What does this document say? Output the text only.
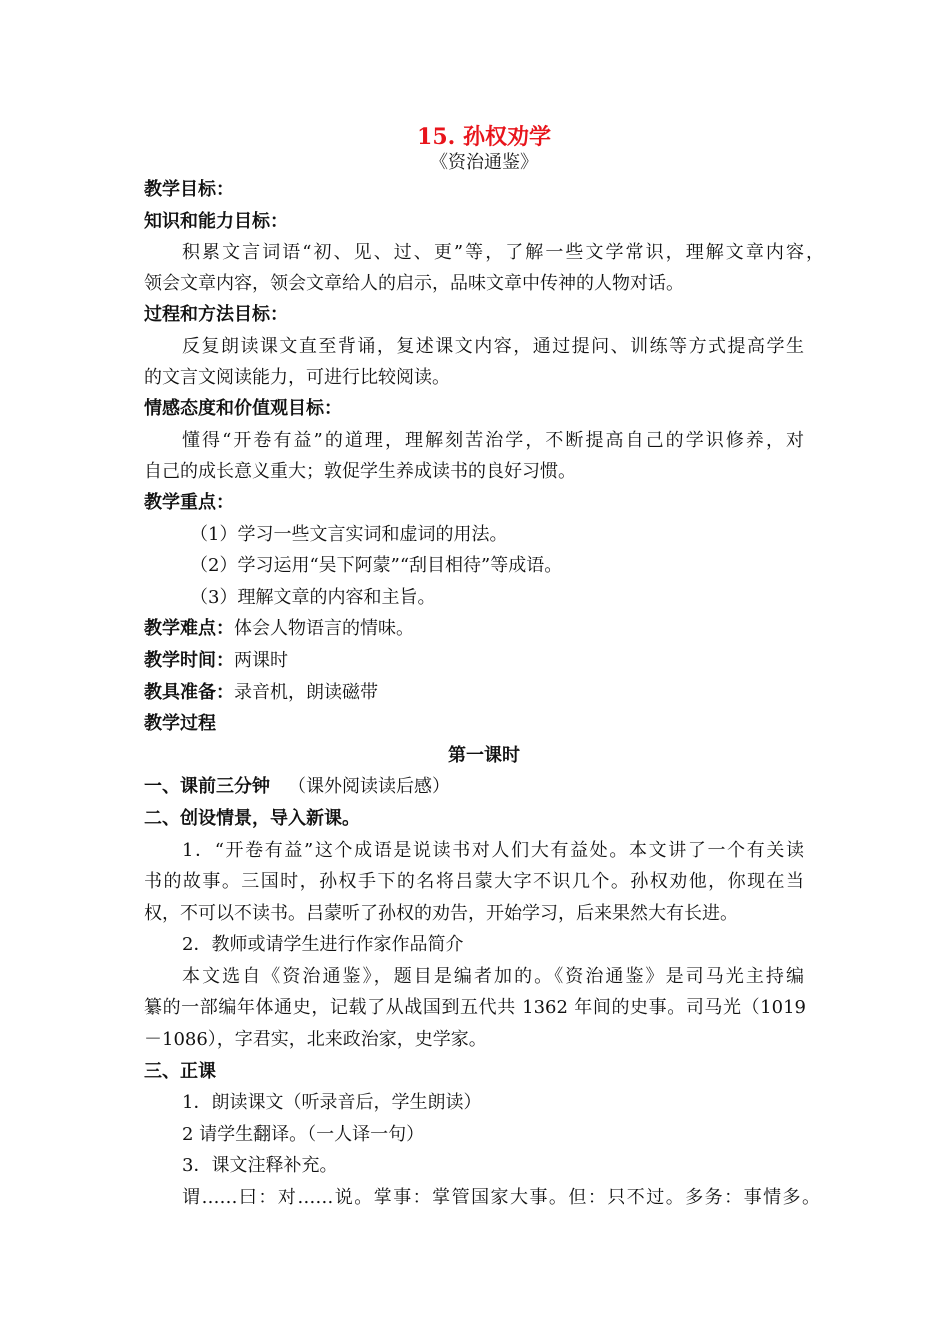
15. 孙权劝学
《资治通鉴》
教学目标：
知识和能力目标：
积累文言词语“初、见、过、更”等，了解一些文学常识，理解文章内容，
领会文章内容，领会文章给人的启示，品味文章中传神的人物对话。
过程和方法目标：
反复朗读课文直至背诵，复述课文内容，通过提问、训练等方式提高学生
的文言文阅读能力，可进行比较阅读。
情感态度和价值观目标：
懂得“开卷有益”的道理，理解刻苦治学，不断提高自己的学识修养，对
自己的成长意义重大；敦促学生养成读书的良好习惯。
教学重点：
（1）学习一些文言实词和虚词的用法。
（2）学习运用“吴下阿蒙”“刮目相待”等成语。
（3）理解文章的内容和主旨。
教学难点：体会人物语言的情味。
教学时间：两课时
教具准备：录音机，朗读磁带
教学过程
第一课时
一、课前三分钟 （课外阅读读后感）
二、创设情景，导入新课。
1．“开卷有益”这个成语是说读书对人们大有益处。本文讲了一个有关读
书的故事。三国时，孙权手下的名将吕蒙大字不识几个。孙权劝他，你现在当
权，不可以不读书。吕蒙听了孙权的劝告，开始学习，后来果然大有长进。
2．教师或请学生进行作家作品简介
本文选自《资治通鉴》，题目是编者加的。《资治通鉴》是司马光主持编
纂的一部编年体通史，记载了从战国到五代共 1362 年间的史事。司马光（1019
－1086），字君实，北来政治家，史学家。
三、正课
1．朗读课文（听录音后，学生朗读）
2 请学生翻译。（一人译一句）
3．课文注释补充。
谓……曰：对……说。掌事：掌管国家大事。但：只不过。多务：事情多。
